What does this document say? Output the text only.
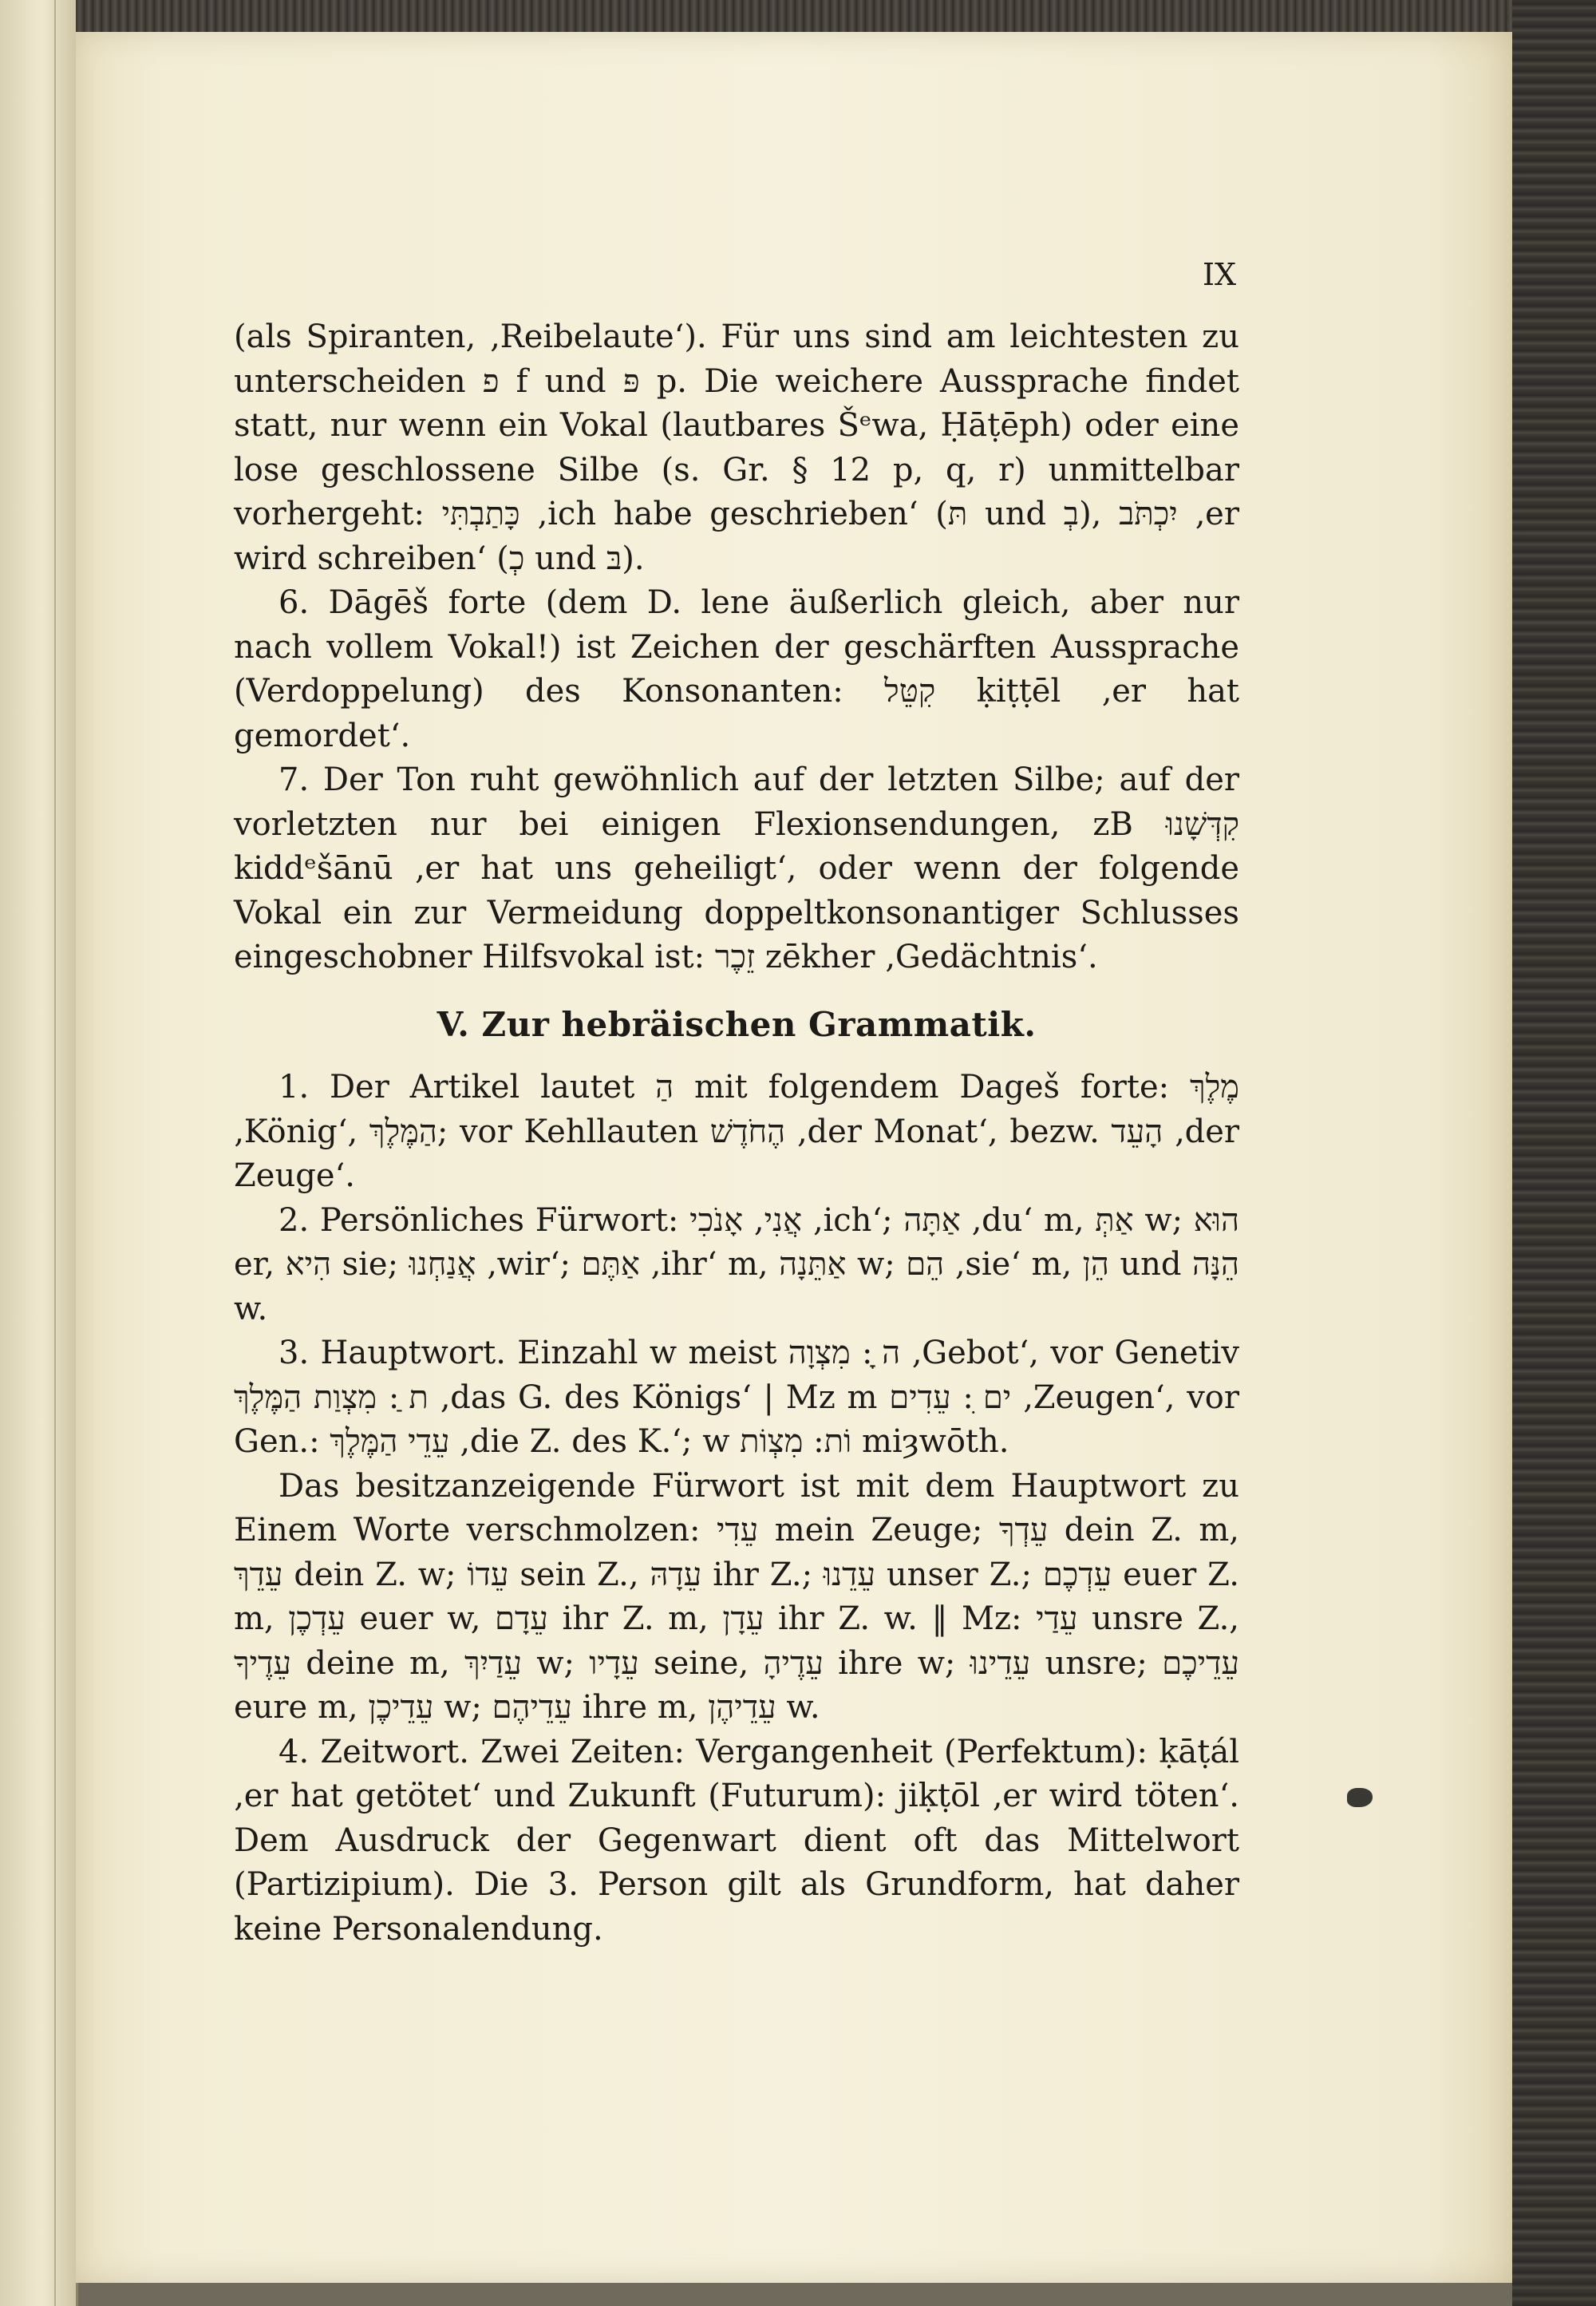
IX

(als Spiranten, ‚Reibelaute‘). Für uns sind am leichtesten zu unterscheiden פ f und פּ p. Die weichere Aussprache findet statt, nur wenn ein Vokal (lautbares Šᵉwa, Ḥāṭēph) oder eine lose geschlossene Silbe (s. Gr. § 12 p, q, r) unmittelbar vorhergeht: כָּתַבְתִּי ‚ich habe geschrieben‘ (תּ und בְ), יִכְתֹּב ‚er wird schreiben‘ (כְ und בּ).

6. Dāgēš forte (dem D. lene äußerlich gleich, aber nur nach vollem Vokal!) ist Zeichen der geschärften Aussprache (Verdoppelung) des Konsonanten: קִטֵּל ḳiṭṭēl ‚er hat gemordet‘.

7. Der Ton ruht gewöhnlich auf der letzten Silbe; auf der vorletzten nur bei einigen Flexionsendungen, zB קִדְּשָׁנוּ kiddᵉšānū ‚er hat uns geheiligt‘, oder wenn der folgende Vokal ein zur Vermeidung doppeltkonsonantiger Schlusses eingeschobner Hilfsvokal ist: זֵכֶר zēkher ‚Gedächtnis‘.

V. Zur hebräischen Grammatik.

1. Der Artikel lautet הַ mit folgendem Dageš forte: מֶלֶךְ ‚König‘, הַמֶּלֶךְ; vor Kehllauten הֶחֹדֶשׁ ‚der Monat‘, bezw. הָעֵד ‚der Zeuge‘.

2. Persönliches Fürwort: אֲנִי, אָנֹכִי ‚ich‘; אַתָּה ‚du‘ m, אַתְּ w; הוּא er, הִיא sie; אֲנַחְנוּ ‚wir‘; אַתֶּם ‚ihr‘ m, אַתֵּנָה w; הֵם ‚sie‘ m, הֵן und הֵנָּה w.

3. Hauptwort. Einzahl w meist ה ָ: מִצְוָה ‚Gebot‘, vor Genetiv ת ַ: מִצְוַת הַמֶּלֶךְ ‚das G. des Königs‘ | Mz m ים ִ: עֵדִים ‚Zeugen‘, vor Gen.: עֵדֵי הַמֶּלֶךְ ‚die Z. des K.‘; w וֹת: מִצְוֹת miȝwōth.

Das besitzanzeigende Fürwort ist mit dem Hauptwort zu Einem Worte verschmolzen: עֵדִי mein Zeuge; עֵדְךָ dein Z. m, עֵדֵךְ dein Z. w; עֵדוֹ sein Z., עֵדָהּ ihr Z.; עֵדֵנוּ unser Z.; עֵדְכֶם euer Z. m, עֵדְכֶן euer w, עֵדָם ihr Z. m, עֵדָן ihr Z. w. ‖ Mz: עֵדַי unsre Z., עֵדֶיךָ deine m, עֵדַיִךְ w; עֵדָיו seine, עֵדֶיהָ ihre w; עֵדֵינוּ unsre; עֵדֵיכֶם eure m, עֵדֵיכֶן w; עֵדֵיהֶם ihre m, עֵדֵיהֶן w.

4. Zeitwort. Zwei Zeiten: Vergangenheit (Perfektum): ḳāṭál ‚er hat getötet‘ und Zukunft (Futurum): jiḳṭōl ‚er wird töten‘. Dem Ausdruck der Gegenwart dient oft das Mittelwort (Partizipium). Die 3. Person gilt als Grundform, hat daher keine Personalendung.
